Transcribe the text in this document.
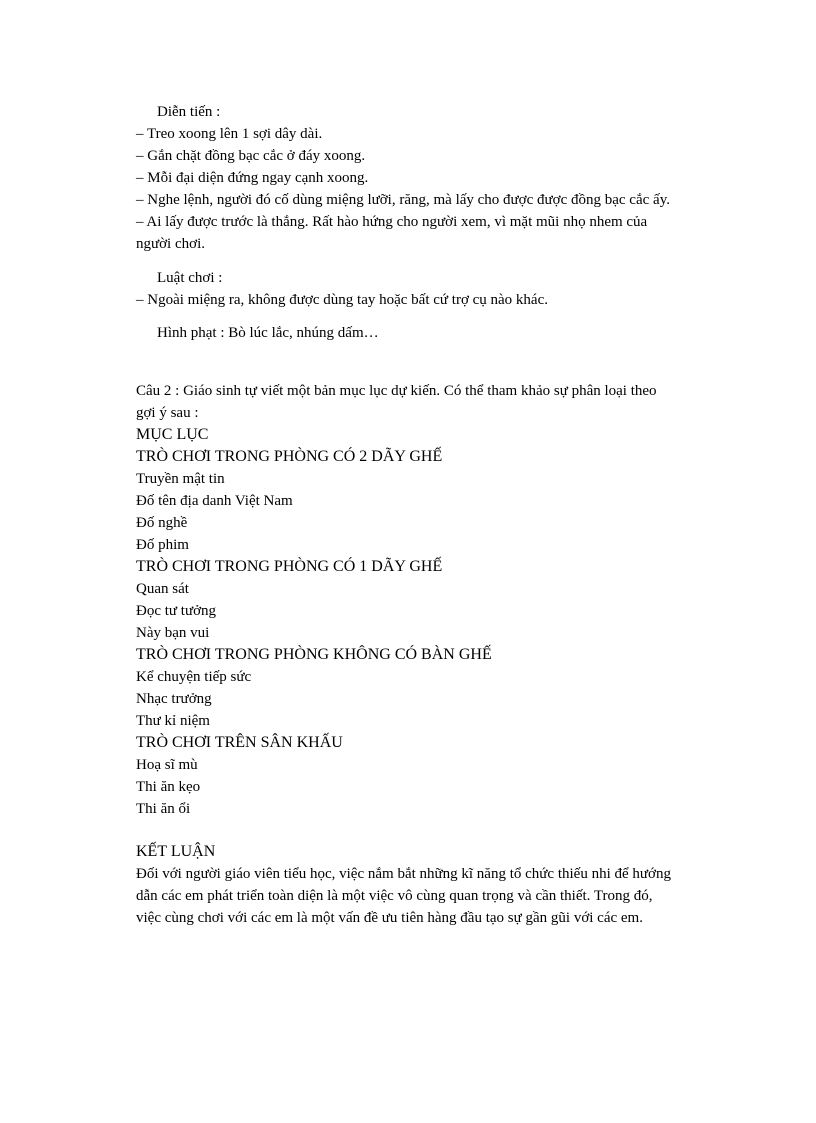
Diễn tiến :
– Treo xoong lên 1 sợi dây dài.
– Gắn chặt đồng bạc cắc ở đáy xoong.
– Mỗi đại diện đứng ngay cạnh xoong.
– Nghe lệnh, người đó cố dùng miệng lưỡi, răng, mà lấy cho được được đồng bạc cắc ấy.
– Ai lấy được trước là thắng. Rất hào hứng cho người xem, vì mặt mũi nhọ nhem của người chơi.
Luật chơi :
– Ngoài miệng ra, không được dùng tay hoặc bất cứ trợ cụ nào khác.
Hình phạt : Bò lúc lắc, nhúng dấm…
Câu 2 : Giáo sinh tự viết một bản mục lục dự kiến. Có thể tham khảo sự phân loại theo gợi ý sau :
MỤC LỤC
TRÒ CHƠI TRONG PHÒNG CÓ 2 DÃY GHẾ
Truyền mật tin
Đố tên địa danh Việt Nam
Đố nghề
Đố phim
TRÒ CHƠI TRONG PHÒNG CÓ 1 DÃY GHẾ
Quan sát
Đọc tư tưởng
Này bạn vui
TRÒ CHƠI TRONG PHÒNG KHÔNG CÓ BÀN GHẾ
Kể chuyện tiếp sức
Nhạc trưởng
Thư kỉ niệm
TRÒ CHƠI TRÊN SÂN KHẤU
Hoạ sĩ mù
Thi ăn kẹo
Thi ăn ổi
KẾT LUẬN
Đối với người giáo viên tiểu học, việc nắm bắt những kĩ năng tổ chức thiếu nhi để hướng dẫn các em phát triển toàn diện là một việc vô cùng quan trọng và cần thiết. Trong đó, việc cùng chơi với các em là một vấn đề ưu tiên hàng đầu tạo sự gần gũi với các em.
